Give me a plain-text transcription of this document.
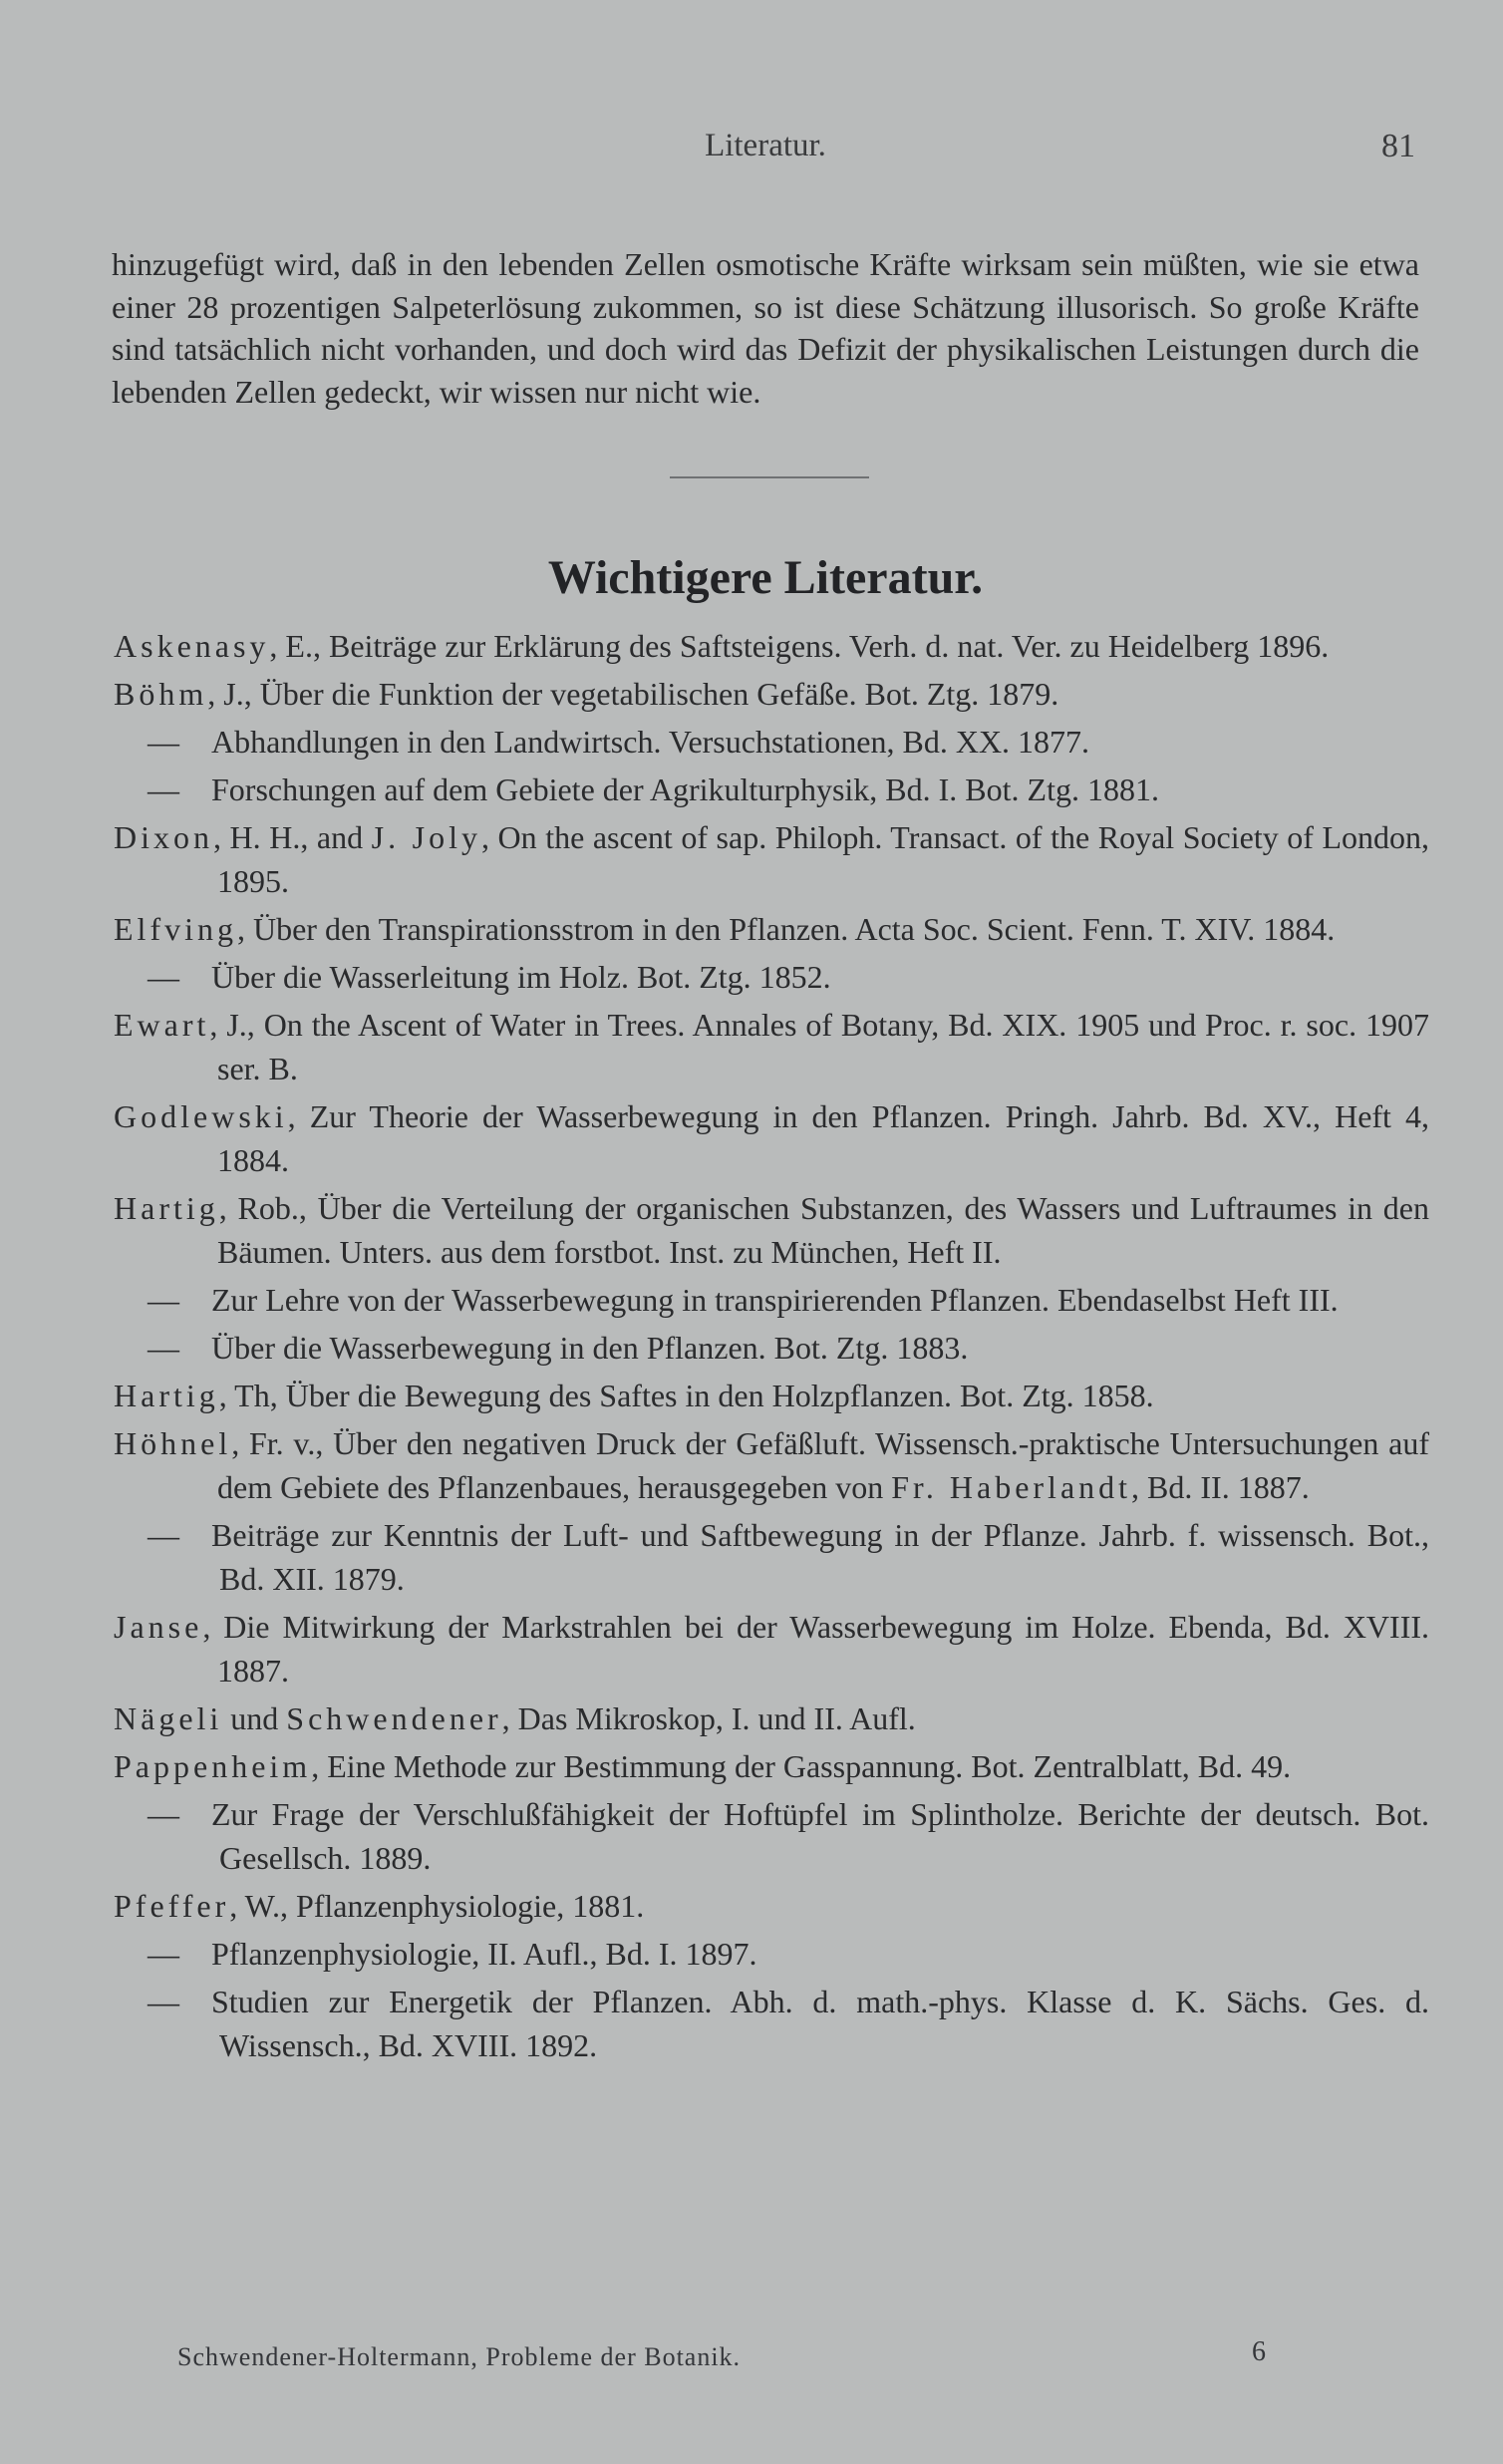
Literatur.	81

hinzugefügt wird, daß in den lebenden Zellen osmotische Kräfte wirksam sein müßten, wie sie etwa einer 28 prozentigen Salpeterlösung zukommen, so ist diese Schätzung illusorisch. So große Kräfte sind tatsächlich nicht vorhanden, und doch wird das Defizit der physikalischen Leistungen durch die lebenden Zellen gedeckt, wir wissen nur nicht wie.

Wichtigere Literatur.

Askenasy, E., Beiträge zur Erklärung des Saftsteigens. Verh. d. nat. Ver. zu Heidelberg 1896.

Böhm, J., Über die Funktion der vegetabilischen Gefäße. Bot. Ztg. 1879.

— Abhandlungen in den Landwirtsch. Versuchstationen, Bd. XX. 1877.

— Forschungen auf dem Gebiete der Agrikulturphysik, Bd. I. Bot. Ztg. 1881.

Dixon, H. H., and J. Joly, On the ascent of sap. Philoph. Transact. of the Royal Society of London, 1895.

Elfving, Über den Transpirationsstrom in den Pflanzen. Acta Soc. Scient. Fenn. T. XIV. 1884.

— Über die Wasserleitung im Holz. Bot. Ztg. 1852.

Ewart, J., On the Ascent of Water in Trees. Annales of Botany, Bd. XIX. 1905 und Proc. r. soc. 1907 ser. B.

Godlewski, Zur Theorie der Wasserbewegung in den Pflanzen. Pringh. Jahrb. Bd. XV., Heft 4, 1884.

Hartig, Rob., Über die Verteilung der organischen Substanzen, des Wassers und Luftraumes in den Bäumen. Unters. aus dem forstbot. Inst. zu München, Heft II.

— Zur Lehre von der Wasserbewegung in transpirierenden Pflanzen. Ebendaselbst Heft III.

— Über die Wasserbewegung in den Pflanzen. Bot. Ztg. 1883.

Hartig, Th, Über die Bewegung des Saftes in den Holzpflanzen. Bot. Ztg. 1858.

Höhnel, Fr. v., Über den negativen Druck der Gefäßluft. Wissensch.-praktische Untersuchungen auf dem Gebiete des Pflanzenbaues, herausgegeben von Fr. Haberlandt, Bd. II. 1887.

— Beiträge zur Kenntnis der Luft- und Saftbewegung in der Pflanze. Jahrb. f. wissensch. Bot., Bd. XII. 1879.

Janse, Die Mitwirkung der Markstrahlen bei der Wasserbewegung im Holze. Ebenda, Bd. XVIII. 1887.

Nägeli und Schwendener, Das Mikroskop, I. und II. Aufl.

Pappenheim, Eine Methode zur Bestimmung der Gasspannung. Bot. Zentralblatt, Bd. 49.

— Zur Frage der Verschlußfähigkeit der Hoftüpfel im Splintholze. Berichte der deutsch. Bot. Gesellsch. 1889.

Pfeffer, W., Pflanzenphysiologie, 1881.

— Pflanzenphysiologie, II. Aufl., Bd. I. 1897.

— Studien zur Energetik der Pflanzen. Abh. d. math.-phys. Klasse d. K. Sächs. Ges. d. Wissensch., Bd. XVIII. 1892.

Schwendener-Holtermann, Probleme der Botanik.	6
